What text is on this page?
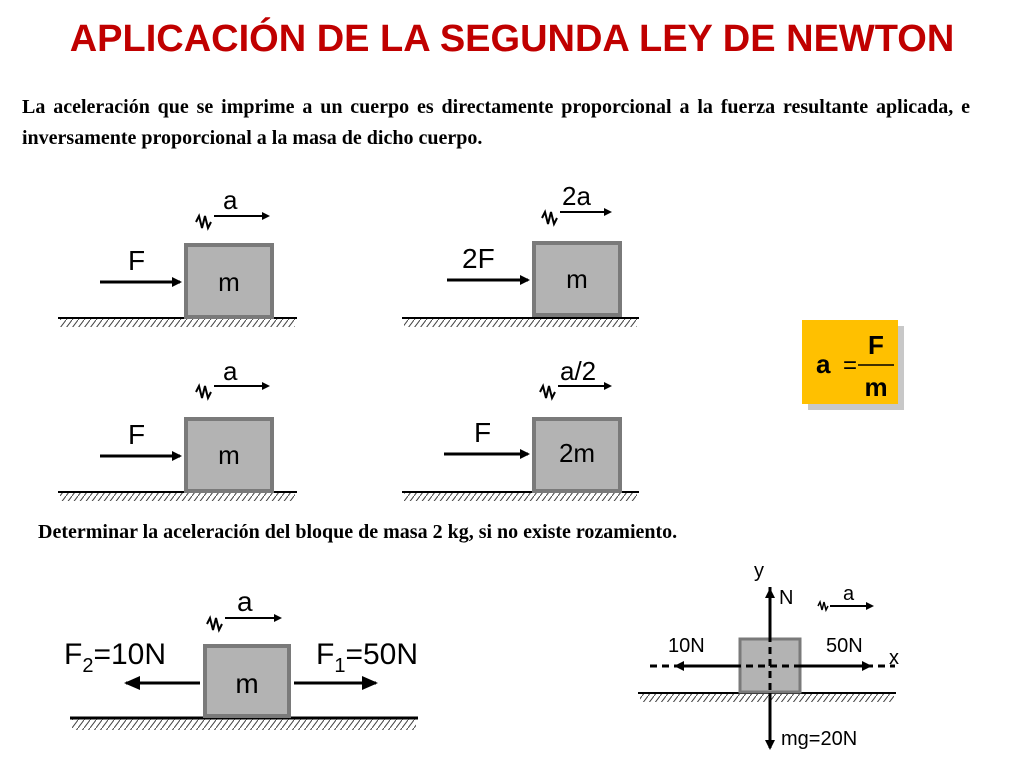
APLICACIÓN DE LA SEGUNDA LEY DE NEWTON
La aceleración que se imprime a un cuerpo es directamente proporcional a la fuerza resultante aplicada, e inversamente proporcional a la masa de dicho cuerpo.
Determinar la aceleración del bloque de masa 2 kg, si no existe rozamiento.
m
F
a
m
2F
2a
m
F
a
2m
F
a/2	a =
F
m
m
$F_2=10N$	$F_1=50N$
a
y
N
x
10N	50N
mg=20N
a
